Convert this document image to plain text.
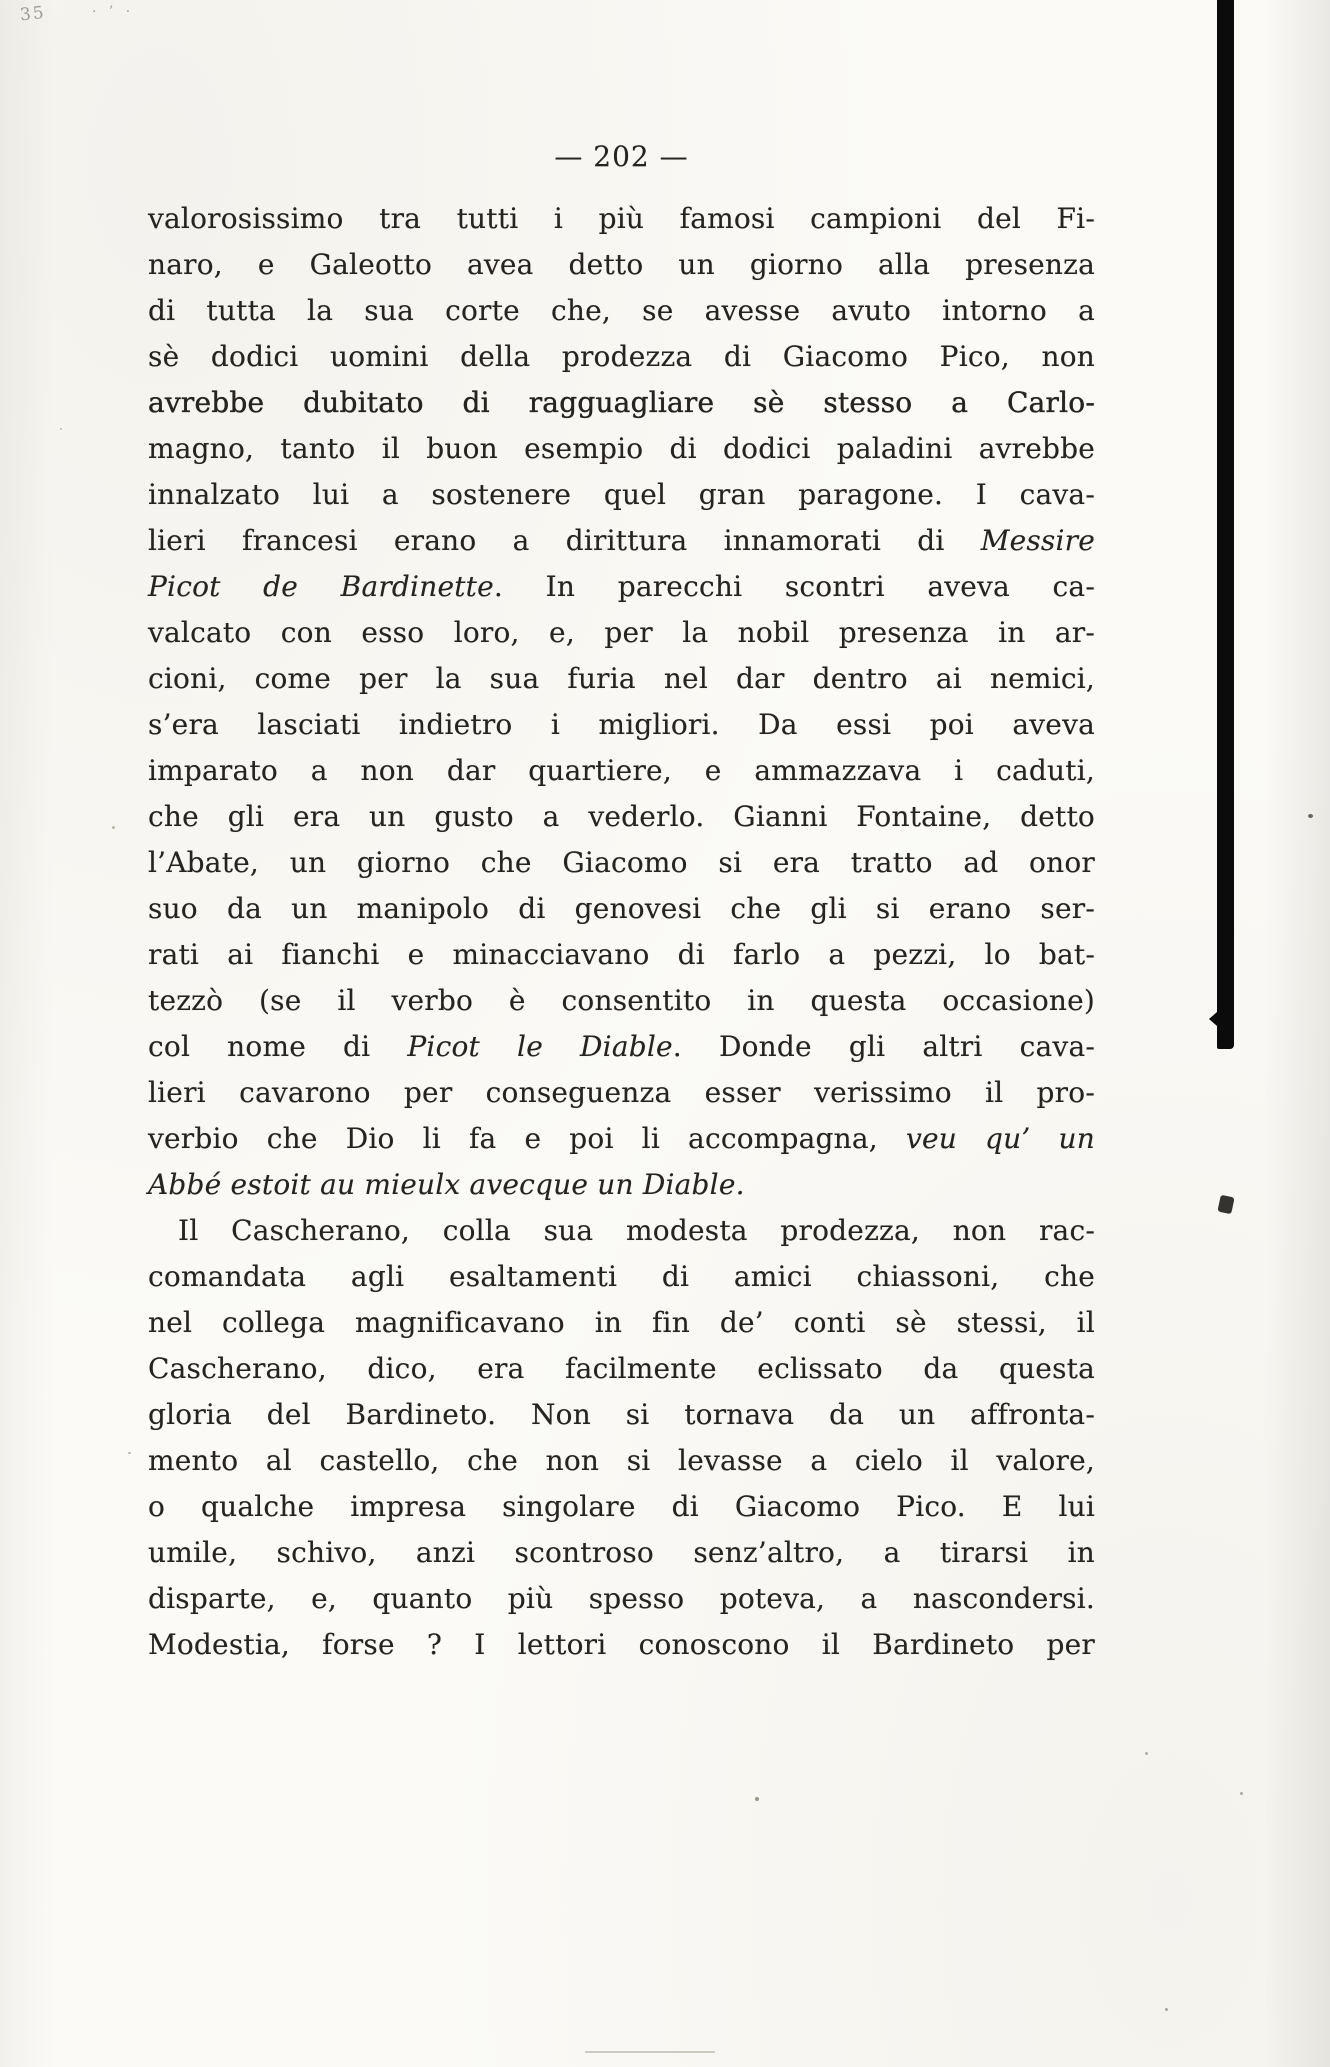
— 202 —
valorosissimo tra tutti i più famosi campioni del Fi-
naro, e Galeotto avea detto un giorno alla presenza
di tutta la sua corte che, se avesse avuto intorno a
sè dodici uomini della prodezza di Giacomo Pico, non
avrebbe dubitato di ragguagliare sè stesso a Carlo-
magno, tanto il buon esempio di dodici paladini avrebbe
innalzato lui a sostenere quel gran paragone. I cava-
lieri francesi erano a dirittura innamorati di Messire
Picot de Bardinette. In parecchi scontri aveva ca-
valcato con esso loro, e, per la nobil presenza in ar-
cioni, come per la sua furia nel dar dentro ai nemici,
s’era lasciati indietro i migliori. Da essi poi aveva
imparato a non dar quartiere, e ammazzava i caduti,
che gli era un gusto a vederlo. Gianni Fontaine, detto
l’Abate, un giorno che Giacomo si era tratto ad onor
suo da un manipolo di genovesi che gli si erano ser-
rati ai fianchi e minacciavano di farlo a pezzi, lo bat-
tezzò (se il verbo è consentito in questa occasione)
col nome di Picot le Diable. Donde gli altri cava-
lieri cavarono per conseguenza esser verissimo il pro-
verbio che Dio li fa e poi li accompagna, veu qu’ un
Abbé estoit au mieulx avecque un Diable.
Il Cascherano, colla sua modesta prodezza, non rac-
comandata agli esaltamenti di amici chiassoni, che
nel collega magnificavano in fin de’ conti sè stessi, il
Cascherano, dico, era facilmente eclissato da questa
gloria del Bardineto. Non si tornava da un affronta-
mento al castello, che non si levasse a cielo il valore,
o qualche impresa singolare di Giacomo Pico. E lui
umile, schivo, anzi scontroso senz’altro, a tirarsi in
disparte, e, quanto più spesso poteva, a nascondersi.
Modestia, forse ? I lettori conoscono il Bardineto per
35	· ’ ·
